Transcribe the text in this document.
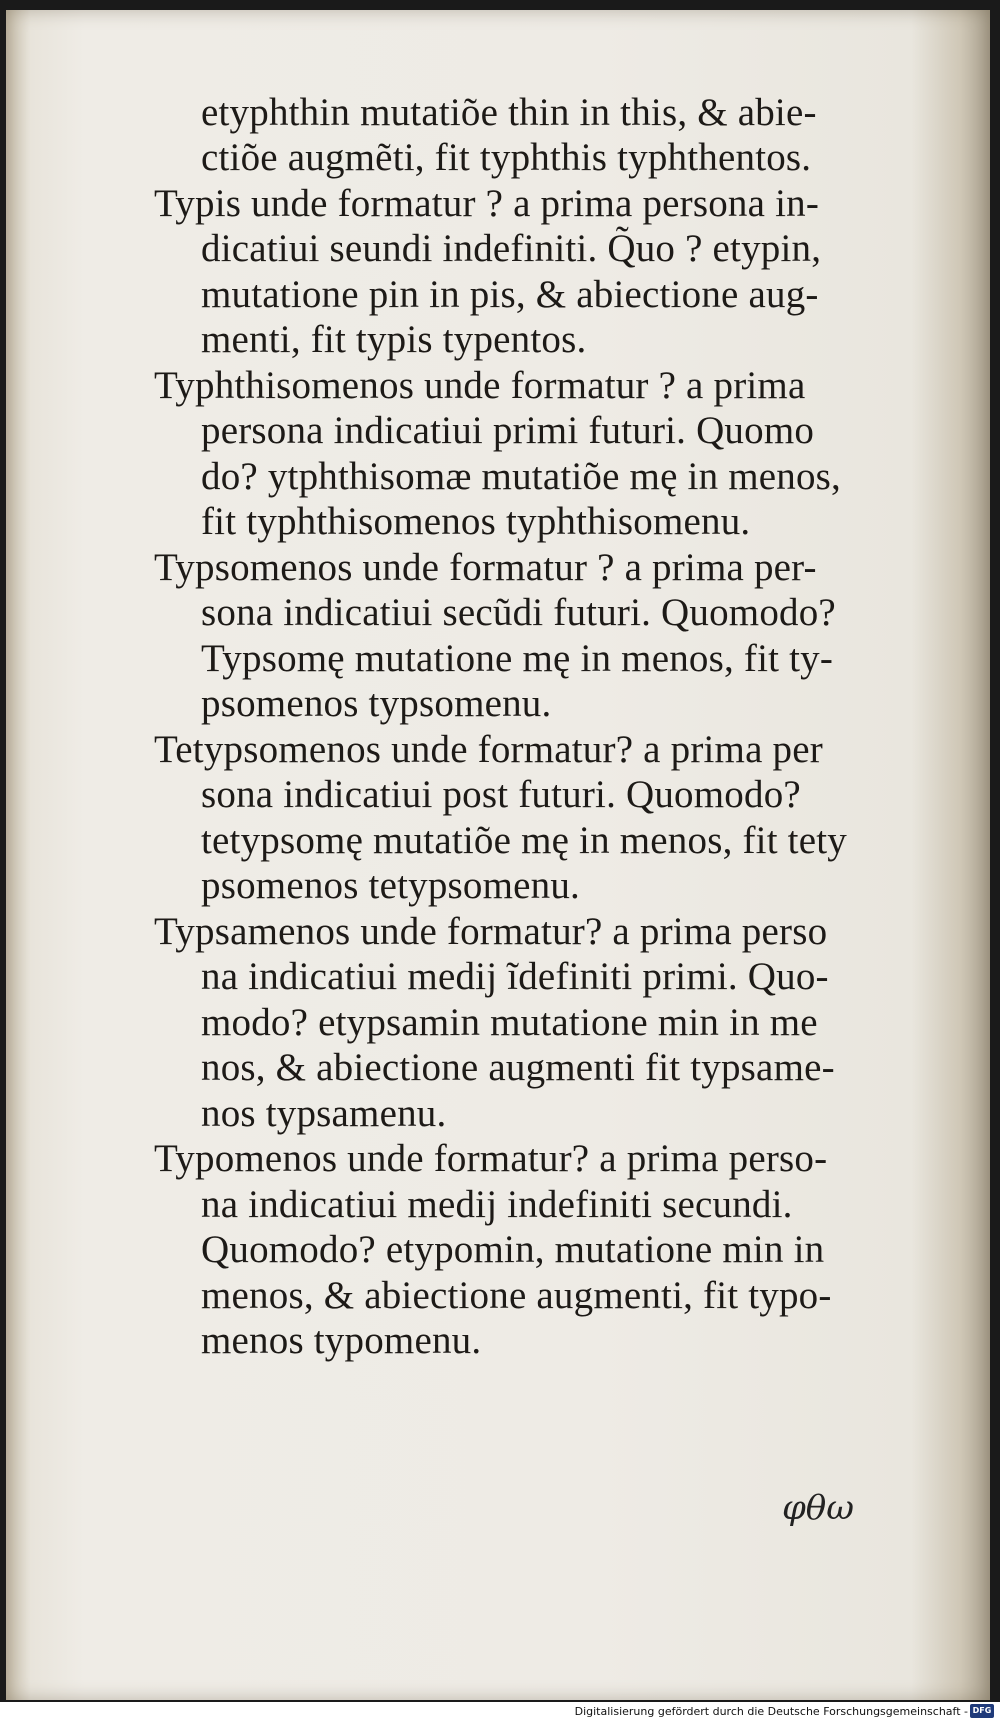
etyphthin mutatiõe thin in this, & abie-
ctiõe augmẽti, fit typhthis typhthentos.
Typis unde formatur ? a prima persona in-
dicatiui seundi indefiniti. Q̃uo ? etypin,
mutatione pin in pis, & abiectione aug-
menti, fit typis typentos.
Typhthisomenos unde formatur ? a prima
persona indicatiui primi futuri. Quomo
do? ytphthisomæ mutatiõe mę in menos,
fit typhthisomenos typhthisomenu.
Typsomenos unde formatur ? a prima per-
sona indicatiui secũdi futuri. Quomodo?
Typsomę mutatione mę in menos, fit ty-
psomenos typsomenu.
Tetypsomenos unde formatur? a prima per
sona indicatiui post futuri. Quomodo?
tetypsomę mutatiõe mę in menos, fit tety
psomenos tetypsomenu.
Typsamenos unde formatur? a prima perso
na indicatiui medij ĩdefiniti primi. Quo-
modo? etypsamin mutatione min in me
nos, & abiectione augmenti fit typsame-
nos typsamenu.
Typomenos unde formatur? a prima perso-
na indicatiui medij indefiniti secundi.
Quomodo? etypomin, mutatione min in
menos, & abiectione augmenti, fit typo-
menos typomenu.
φθω
Digitalisierung gefördert durch die Deutsche Forschungsgemeinschaft - DFG
